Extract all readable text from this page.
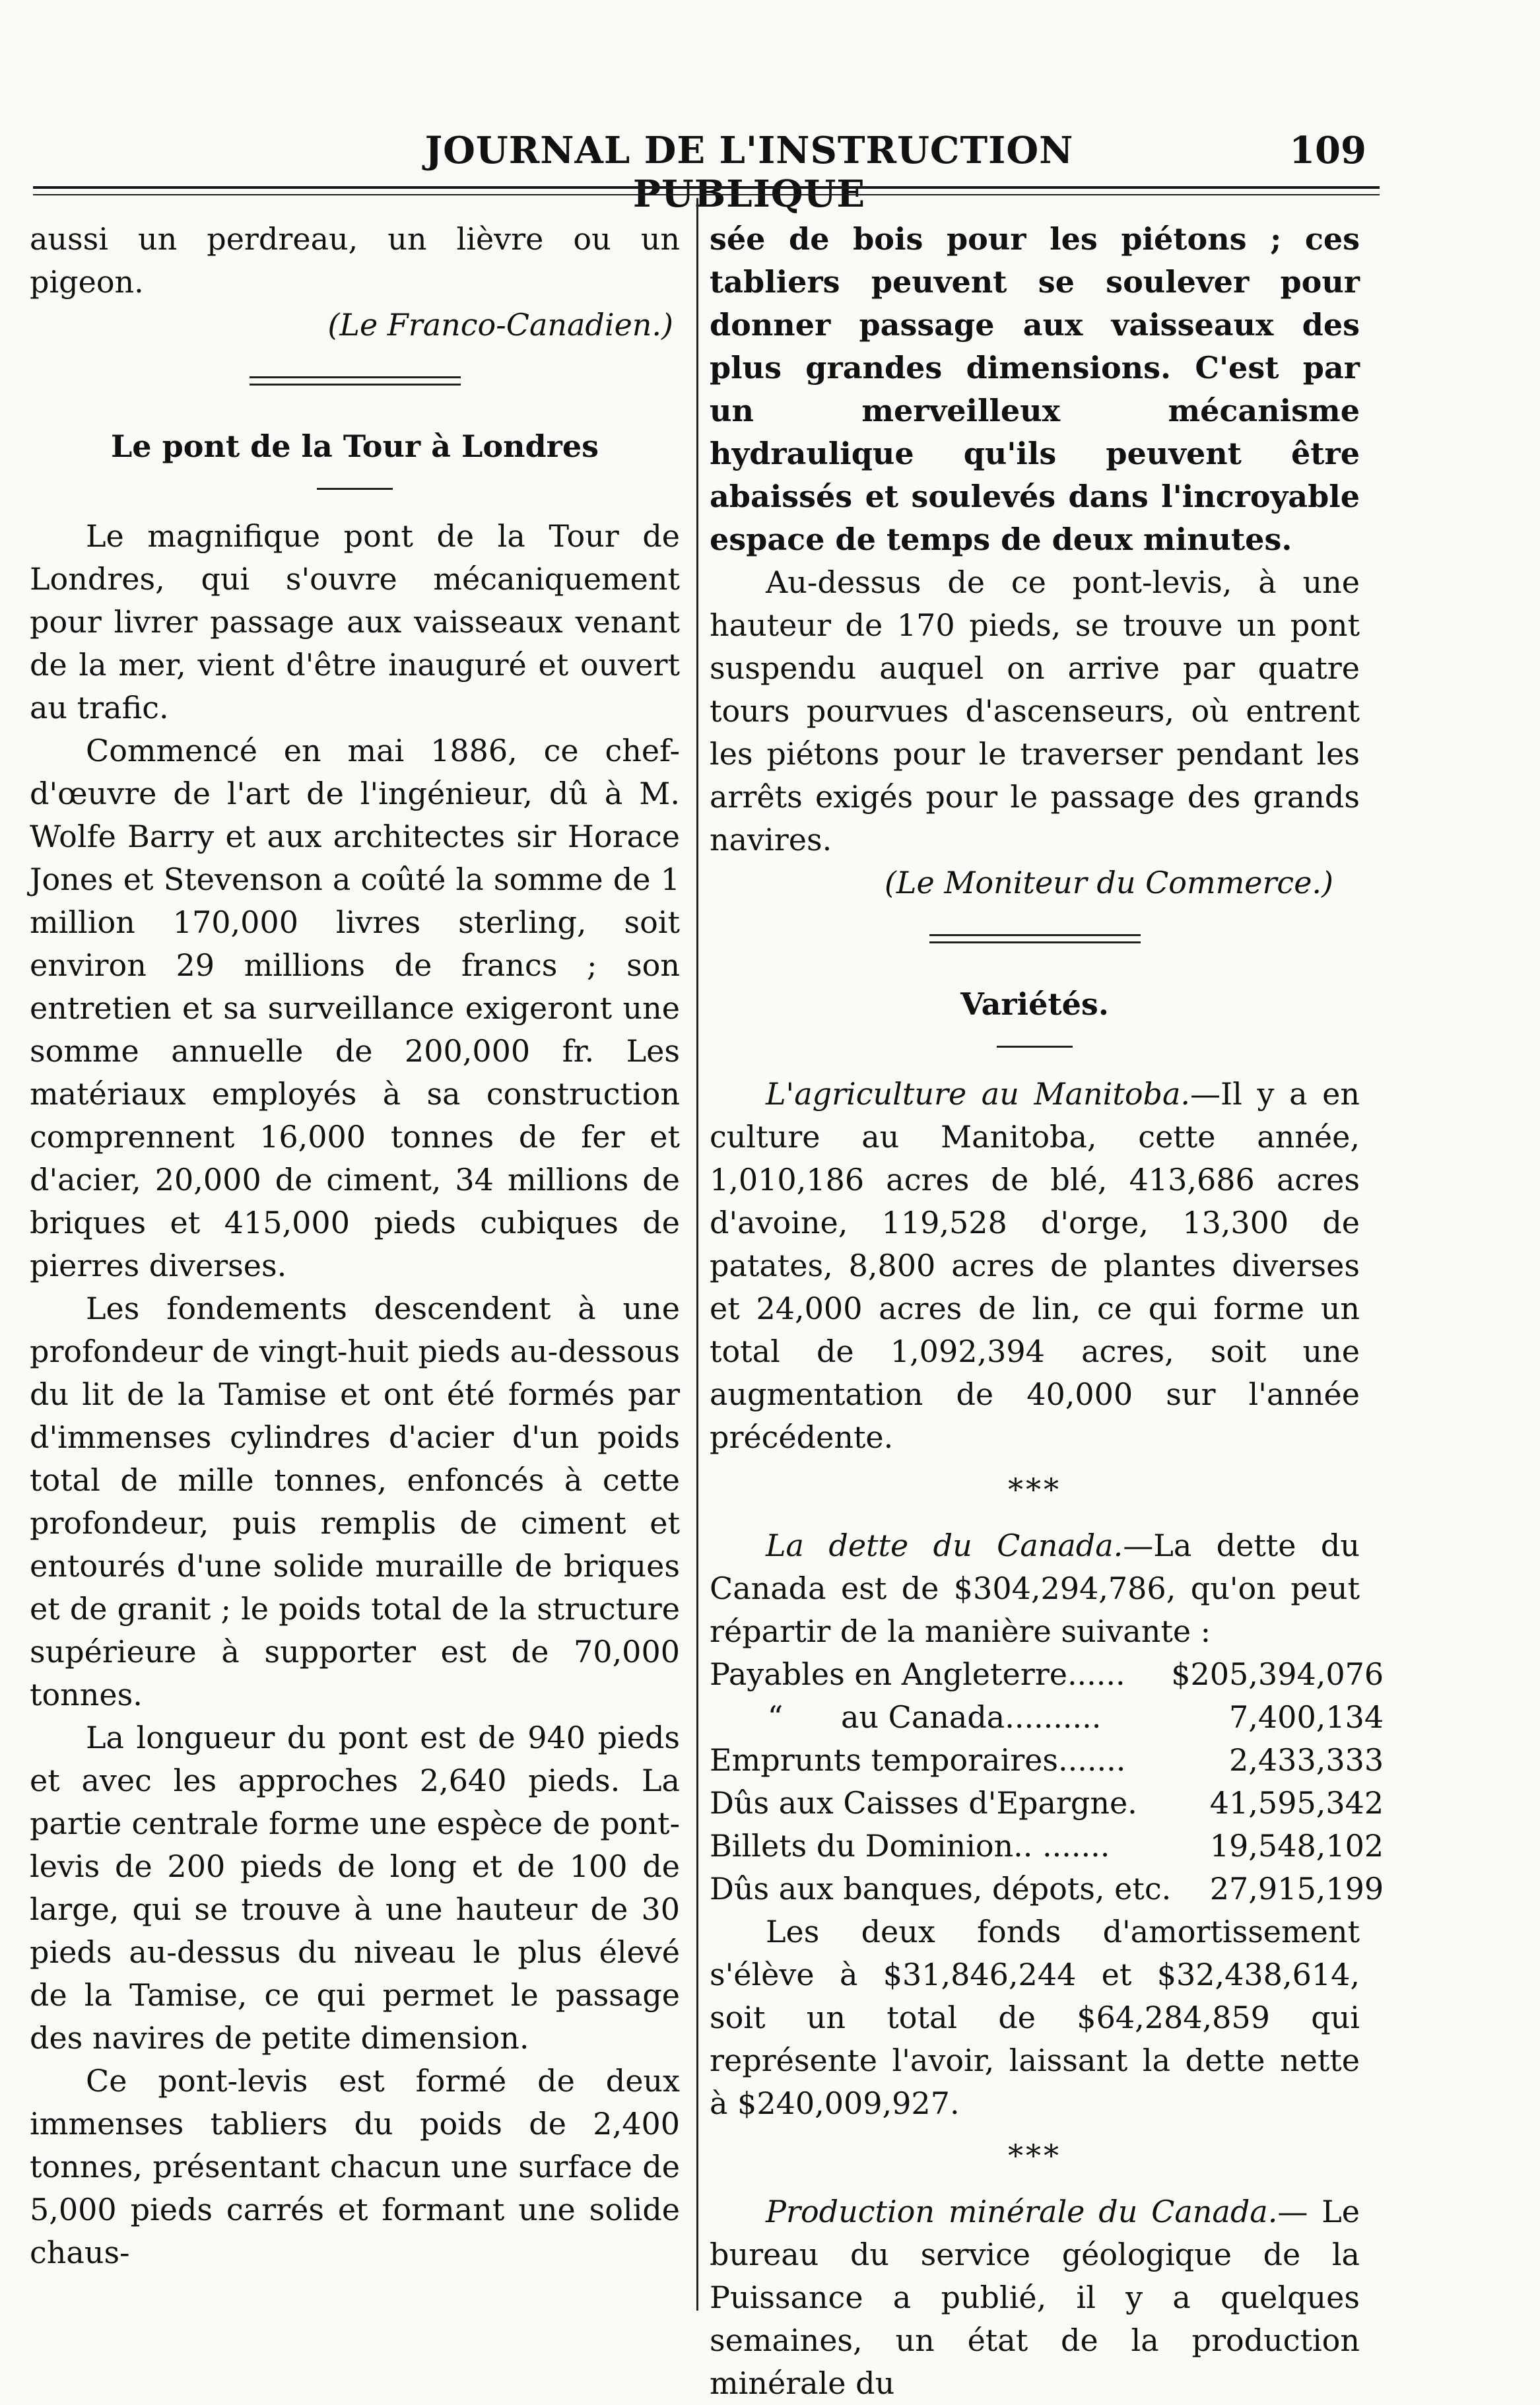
JOURNAL DE L'INSTRUCTION	109

aussi un perdreau, un lièvre ou un pigeon.

(Le Franco-Canadien.)

Le pont de la Tour à Londres

Le magnifique pont de la Tour de Londres, qui s'ouvre mécaniquement pour livrer passage aux vaisseaux venant de la mer, vient d'être inauguré et ouvert au trafic.

Commencé en mai 1886, ce chef-d'œuvre de l'art de l'ingénieur, dû à M. Wolfe Barry et aux architectes sir Horace Jones et Stevenson a coûté la somme de 1 million 170,000 livres sterling, soit environ 29 millions de francs ; son entretien et sa surveillance exigeront une somme annuelle de 200,000 fr. Les matériaux employés à sa construction comprennent 16,000 tonnes de fer et d'acier, 20,000 de ciment, 34 millions de briques et 415,000 pieds cubiques de pierres diverses.

Les fondements descendent à une profondeur de vingt-huit pieds au-dessous du lit de la Tamise et ont été formés par d'immenses cylindres d'acier d'un poids total de mille tonnes, enfoncés à cette profondeur, puis remplis de ciment et entourés d'une solide muraille de briques et de granit ; le poids total de la structure supérieure à supporter est de 70,000 tonnes.

La longueur du pont est de 940 pieds et avec les approches 2,640 pieds. La partie centrale forme une espèce de pont-levis de 200 pieds de long et de 100 de large, qui se trouve à une hauteur de 30 pieds au-dessus du niveau le plus élevé de la Tamise, ce qui permet le passage des navires de petite dimension.

Ce pont-levis est formé de deux immenses tabliers du poids de 2,400 tonnes, présentant chacun une surface de 5,000 pieds carrés et formant une solide chaus-

sée de bois pour les piétons ; ces tabliers peuvent se soulever pour donner passage aux vaisseaux des plus grandes dimensions. C'est par un merveilleux mécanisme hydraulique qu'ils peuvent être abaissés et soulevés dans l'incroyable espace de temps de deux minutes.

Au-dessus de ce pont-levis, à une hauteur de 170 pieds, se trouve un pont suspendu auquel on arrive par quatre tours pourvues d'ascenseurs, où entrent les piétons pour le traverser pendant les arrêts exigés pour le passage des grands navires.

(Le Moniteur du Commerce.)

Variétés.

L'agriculture au Manitoba.—Il y a en culture au Manitoba, cette année, 1,010,186 acres de blé, 413,686 acres d'avoine, 119,528 d'orge, 13,300 de patates, 8,800 acres de plantes diverses et 24,000 acres de lin, ce qui forme un total de 1,092,394 acres, soit une augmentation de 40,000 sur l'année précédente.

***

La dette du Canada.—La dette du Canada est de $304,294,786, qu'on peut répartir de la manière suivante :

Payables en Angleterre......	$205,394,076
“      au Canada..........	7,400,134
Emprunts temporaires.......	2,433,333
Dûs aux Caisses d'Epargne.	41,595,342
Billets du Dominion.. .......	19,548,102
Dûs aux banques, dépots, etc.	27,915,199

Les deux fonds d'amortissement s'élève à $31,846,244 et $32,438,614, soit un total de $64,284,859 qui représente l'avoir, laissant la dette nette à $240,009,927.

***

Production minérale du Canada.— Le bureau du service géologique de la Puissance a publié, il y a quelques semaines, un état de la production minérale du
